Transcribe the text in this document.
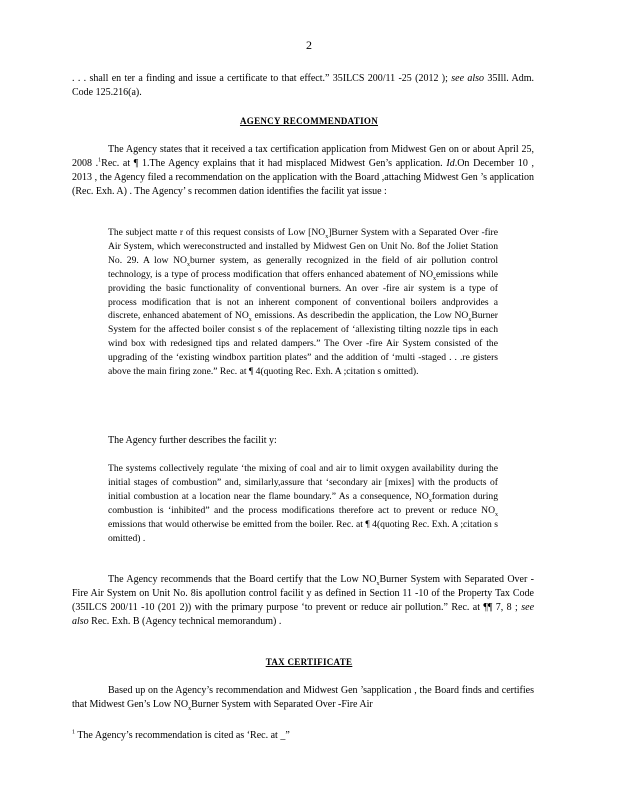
2

. . . shall en ter a finding and issue a certificate to that effect.” 35ILCS 200/11 -25 (2012 ); see also 35Ill. Adm. Code 125.216(a).

AGENCY RECOMMENDATION

The Agency states that it received a tax certification application from Midwest Gen on or about April 25, 2008 .$^1$Rec. at ¶ 1.The Agency explains that it had misplaced Midwest Gen’s application. Id.On December 10 , 2013 , the Agency filed a recommendation on the application with the Board ,attaching Midwest Gen ’s application (Rec. Exh. A) . The Agency’ s recommen dation identifies the facilit yat issue :

The subject matte r of this request consists of Low $[NO_x]Burner$ System with a Separated Over -fire Air System, which wereconstructed and installed by Midwest Gen on Unit No. 8of the Joliet Station No. 29. A low $NO_xburner$ system, as generally recognized in the field of air pollution control technology, is a type of process modification that offers enhanced abatement of $NO_xemissions$ while providing the basic functionality of conventional burners. An over -fire air system is a type of process modification that is not an inherent component of conventional boilers andprovides a discrete, enhanced abatement of $NO_x$ emissions. As describedin the application, the Low $NO_xBurner$ System for the affected boiler consist s of the replacement of ‘allexisting tilting nozzle tips in each wind box with redesigned tips and related dampers.” The Over -fire Air System consisted of the upgrading of the ‘existing windbox partition plates” and the addition of ‘multi -staged . . .re gisters above the main firing zone.” Rec. at ¶ 4(quoting Rec. Exh. A ;citation s omitted).

The Agency further describes the facilit y:

The systems collectively regulate ‘the mixing of coal and air to limit oxygen availability during the initial stages of combustion” and, similarly,assure that ‘secondary air [mixes] with the products of initial combustion at a location near the flame boundary.” As a consequence, $NO_xformation$ during combustion is ‘inhibited” and the process modifications therefore act to prevent or reduce $NO_x$ emissions that would otherwise be emitted from the boiler. Rec. at ¶ 4(quoting Rec. Exh. A ;citation s omitted) .

The Agency recommends that the Board certify that the Low $NO_xBurner$ System with Separated Over -Fire Air System on Unit No. 8is apollution control facilit y as defined in Section 11 -10 of the Property Tax Code (35ILCS 200/11 -10 (201 2)) with the primary purpose ‘to prevent or reduce air pollution.” Rec. at ¶¶ 7, 8 ; see also Rec. Exh. B (Agency technical memorandum) .

TAX CERTIFICATE

Based up on the Agency’s recommendation and Midwest Gen ’sapplication , the Board finds and certifies that Midwest Gen’s Low $NO_xBurner$ System with Separated Over -Fire Air

$^1$ The Agency’s recommendation is cited as ‘Rec. at _”
